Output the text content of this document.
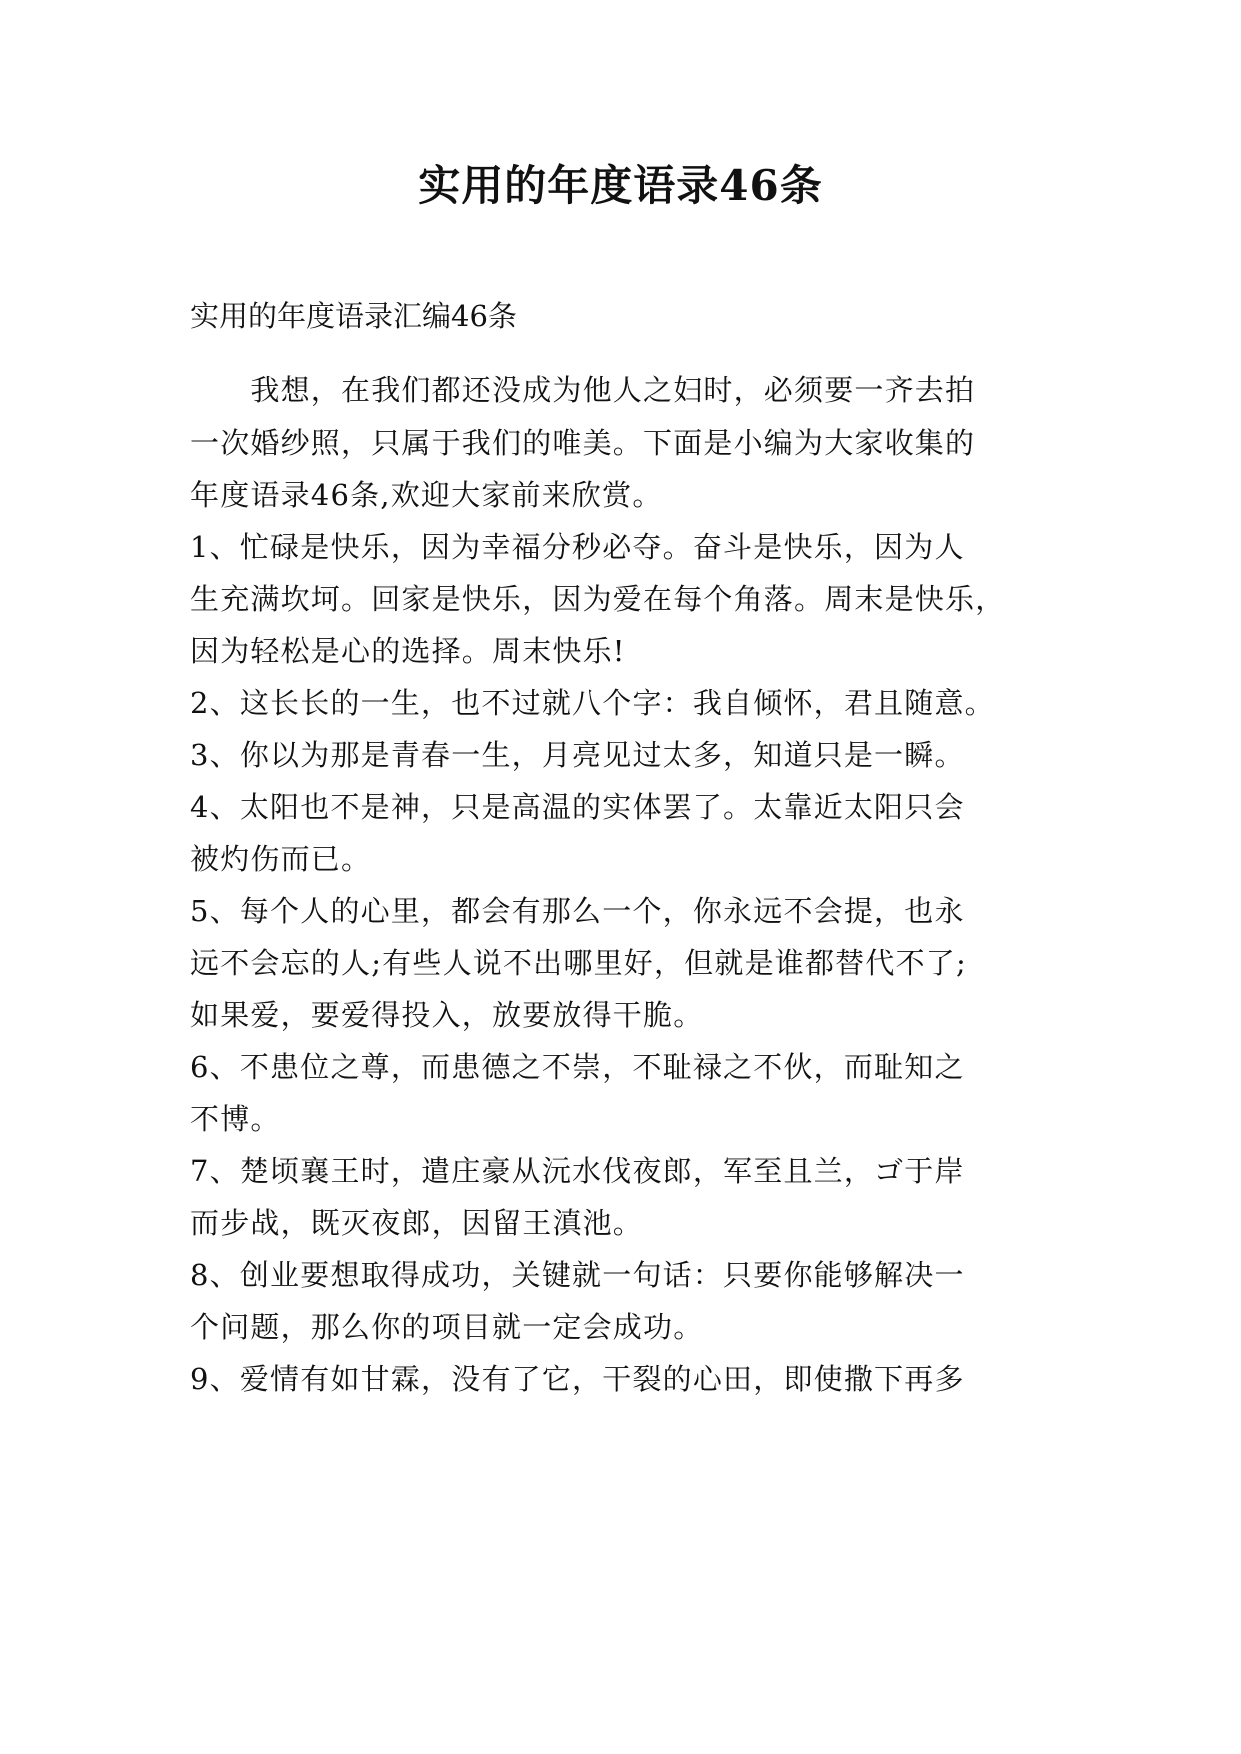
实用的年度语录46条
实用的年度语录汇编46条
　　我想，在我们都还没成为他人之妇时，必须要一齐去拍
一次婚纱照，只属于我们的唯美。下面是小编为大家收集的
年度语录46条,欢迎大家前来欣赏。
1、忙碌是快乐，因为幸福分秒必夺。奋斗是快乐，因为人
生充满坎坷。回家是快乐，因为爱在每个角落。周末是快乐，
因为轻松是心的选择。周末快乐!
2、这长长的一生，也不过就八个字：我自倾怀，君且随意。
3、你以为那是青春一生，月亮见过太多，知道只是一瞬。
4、太阳也不是神，只是高温的实体罢了。太靠近太阳只会
被灼伤而已。
5、每个人的心里，都会有那么一个，你永远不会提，也永
远不会忘的人;有些人说不出哪里好，但就是谁都替代不了;
如果爱，要爱得投入，放要放得干脆。
6、不患位之尊，而患德之不崇，不耻禄之不伙，而耻知之
不博。
7、楚顷襄王时，遣庄豪从沅水伐夜郎，军至且兰，ゴ于岸
而步战，既灭夜郎，因留王滇池。
8、创业要想取得成功，关键就一句话：只要你能够解决一
个问题，那么你的项目就一定会成功。
9、爱情有如甘霖，没有了它，干裂的心田，即使撒下再多
